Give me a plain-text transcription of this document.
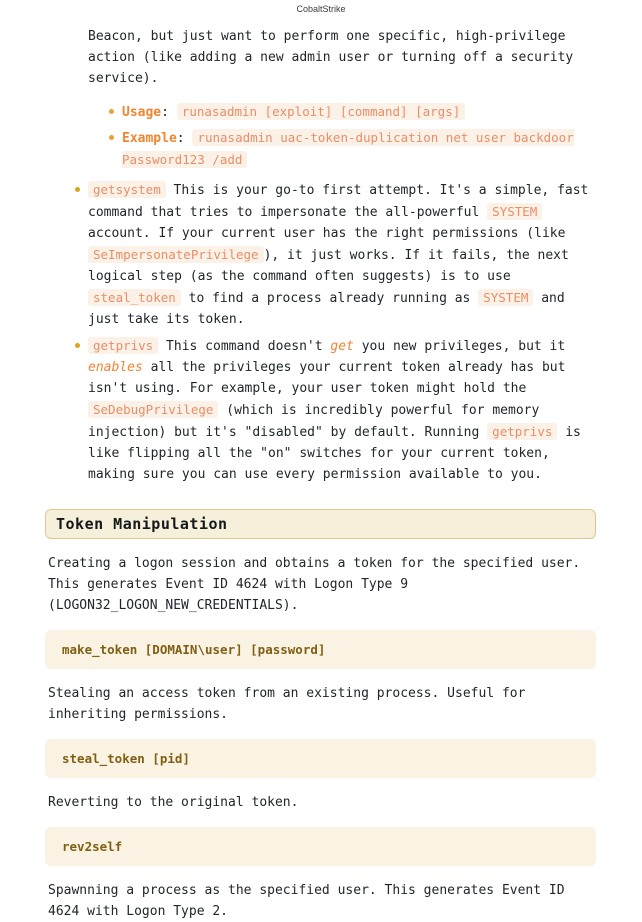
CobaltStrike

Beacon, but just want to perform one specific, high-privilege action (like adding a new admin user or turning off a security service).

Usage: runasadmin [exploit] [command] [args]
Example: runasadmin uac-token-duplication net user backdoor Password123 /add
getsystem This is your go-to first attempt. It's a simple, fast command that tries to impersonate the all-powerful SYSTEM account. If your current user has the right permissions (like SeImpersonatePrivilege ), it just works. If it fails, the next logical step (as the command often suggests) is to use steal_token to find a process already running as SYSTEM and just take its token.
getprivs This command doesn't get you new privileges, but it enables all the privileges your current token already has but isn't using. For example, your user token might hold the SeDebugPrivilege (which is incredibly powerful for memory injection) but it's "disabled" by default. Running getprivs is like flipping all the "on" switches for your current token, making sure you can use every permission available to you.
Token Manipulation

Creating a logon session and obtains a token for the specified user. This generates Event ID 4624 with Logon Type 9 (LOGON32_LOGON_NEW_CREDENTIALS).

make_token [DOMAIN\user] [password]

Stealing an access token from an existing process. Useful for inheriting permissions.

steal_token [pid]

Reverting to the original token.

rev2self

Spawnning a process as the specified user. This generates Event ID 4624 with Logon Type 2.
